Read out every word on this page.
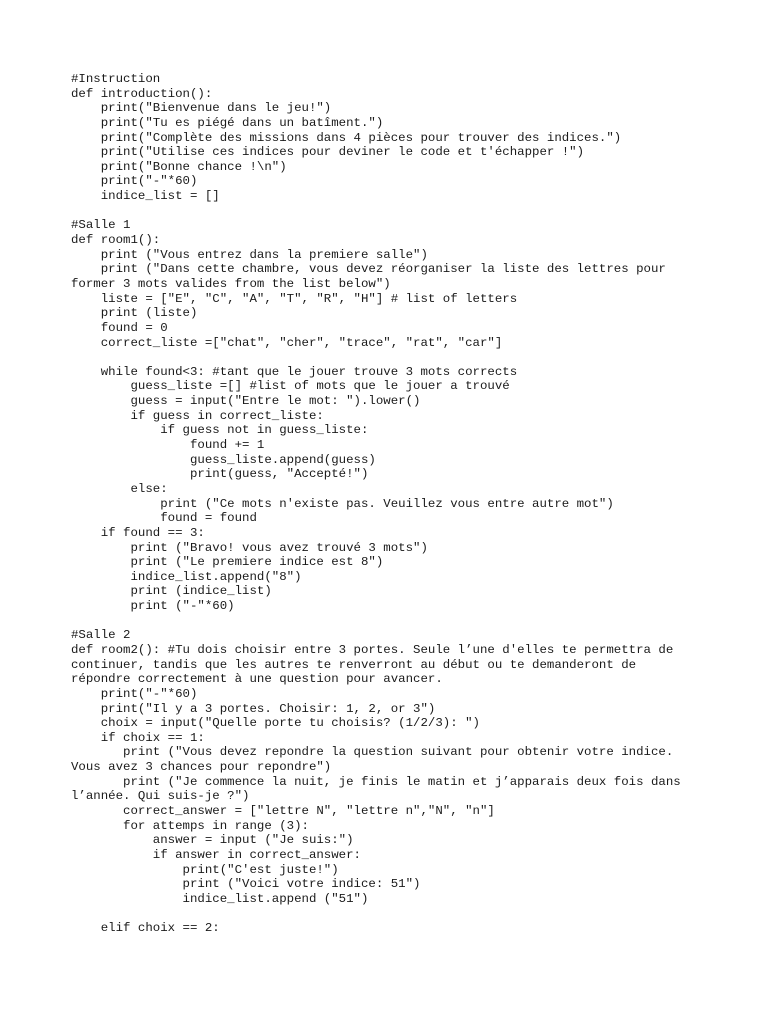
#Instruction
def introduction():
print("Bienvenue dans le jeu!")
print("Tu es piégé dans un batîment.")
print("Complète des missions dans 4 pièces pour trouver des indices.")
print("Utilise ces indices pour deviner le code et t'échapper !")
print("Bonne chance !\n")
print("-"*60)
indice_list = []
#Salle 1
def room1():
print ("Vous entrez dans la premiere salle")
print ("Dans cette chambre, vous devez réorganiser la liste des lettres pour
former 3 mots valides from the list below")
liste = ["E", "C", "A", "T", "R", "H"] # list of letters
print (liste)
found = 0
correct_liste =["chat", "cher", "trace", "rat", "car"]
while found<3: #tant que le jouer trouve 3 mots corrects
guess_liste =[] #list of mots que le jouer a trouvé
guess = input("Entre le mot: ").lower()
if guess in correct_liste:
if guess not in guess_liste:
found += 1
guess_liste.append(guess)
print(guess, "Accepté!")
else:
print ("Ce mots n'existe pas. Veuillez vous entre autre mot")
found = found
if found == 3:
print ("Bravo! vous avez trouvé 3 mots")
print ("Le premiere indice est 8")
indice_list.append("8")
print (indice_list)
print ("-"*60)
#Salle 2
def room2(): #Tu dois choisir entre 3 portes. Seule l’une d'elles te permettra de
continuer, tandis que les autres te renverront au début ou te demanderont de
répondre correctement à une question pour avancer.
print("-"*60)
print("Il y a 3 portes. Choisir: 1, 2, or 3")
choix = input("Quelle porte tu choisis? (1/2/3): ")
if choix == 1:
print ("Vous devez repondre la question suivant pour obtenir votre indice.
Vous avez 3 chances pour repondre")
print ("Je commence la nuit, je finis le matin et j’apparais deux fois dans
l’année. Qui suis-je ?")
correct_answer = ["lettre N", "lettre n","N", "n"]
for attemps in range (3):
answer = input ("Je suis:")
if answer in correct_answer:
print("C'est juste!")
print ("Voici votre indice: 51")
indice_list.append ("51")
elif choix == 2:
